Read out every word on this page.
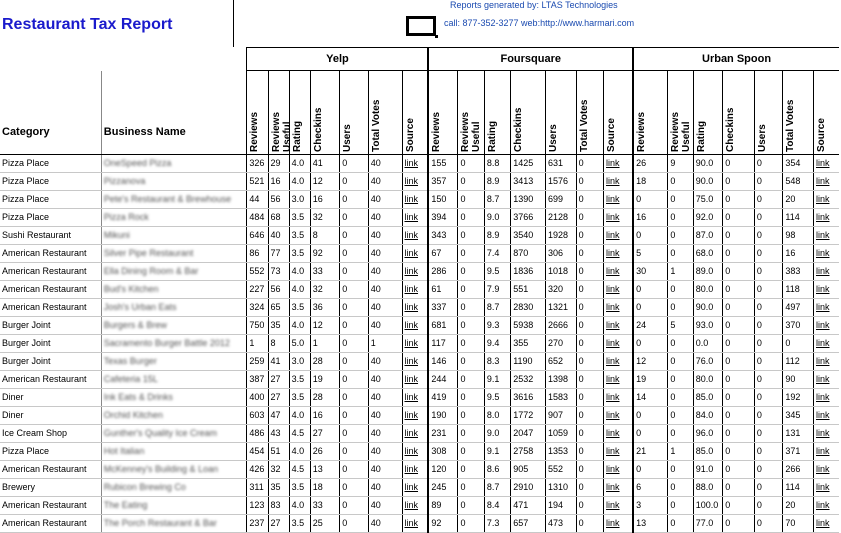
Restaurant Tax Report
Reports generated by: LTAS Technologies
call: 877-352-3277 web:http://www.harmari.com
		Yelp							Foursquare							Urban Spoon						
Category	Business Name	Reviews	Reviews Useful	Rating	Checkins	Users	Total Votes	Source	Reviews	Reviews Useful	Rating	Checkins	Users	Total Votes	Source	Reviews	Reviews Useful	Rating	Checkins	Users	Total Votes	Source
Pizza Place	OneSpeed Pizza	326	29	4.0	41	0	40	link	155	0	8.8	1425	631	0	link	26	9	90.0	0	0	354	link
Pizza Place	Pizzanova	521	16	4.0	12	0	40	link	357	0	8.9	3413	1576	0	link	18	0	90.0	0	0	548	link
Pizza Place	Pete's Restaurant & Brewhouse	44	56	3.0	16	0	40	link	150	0	8.7	1390	699	0	link	0	0	75.0	0	0	20	link
Pizza Place	Pizza Rock	484	68	3.5	32	0	40	link	394	0	9.0	3766	2128	0	link	16	0	92.0	0	0	114	link
Sushi Restaurant	Mikuni	646	40	3.5	8	0	40	link	343	0	8.9	3540	1928	0	link	0	0	87.0	0	0	98	link
American Restaurant	Silver Pipe Restaurant	86	77	3.5	92	0	40	link	67	0	7.4	870	306	0	link	5	0	68.0	0	0	16	link
American Restaurant	Ella Dining Room & Bar	552	73	4.0	33	0	40	link	286	0	9.5	1836	1018	0	link	30	1	89.0	0	0	383	link
American Restaurant	Bud's Kitchen	227	56	4.0	32	0	40	link	61	0	7.9	551	320	0	link	0	0	80.0	0	0	118	link
American Restaurant	Josh's Urban Eats	324	65	3.5	36	0	40	link	337	0	8.7	2830	1321	0	link	0	0	90.0	0	0	497	link
Burger Joint	Burgers & Brew	750	35	4.0	12	0	40	link	681	0	9.3	5938	2666	0	link	24	5	93.0	0	0	370	link
Burger Joint	Sacramento Burger Battle 2012	1	8	5.0	1	0	1	link	117	0	9.4	355	270	0	link	0	0	0.0	0	0	0	link
Burger Joint	Texas Burger	259	41	3.0	28	0	40	link	146	0	8.3	1190	652	0	link	12	0	76.0	0	0	112	link
American Restaurant	Cafeteria 15L	387	27	3.5	19	0	40	link	244	0	9.1	2532	1398	0	link	19	0	80.0	0	0	90	link
Diner	Ink Eats & Drinks	400	27	3.5	28	0	40	link	419	0	9.5	3616	1583	0	link	14	0	85.0	0	0	192	link
Diner	Orchid Kitchen	603	47	4.0	16	0	40	link	190	0	8.0	1772	907	0	link	0	0	84.0	0	0	345	link
Ice Cream Shop	Gunther's Quality Ice Cream	486	43	4.5	27	0	40	link	231	0	9.0	2047	1059	0	link	0	0	96.0	0	0	131	link
Pizza Place	Hot Italian	454	51	4.0	26	0	40	link	308	0	9.1	2758	1353	0	link	21	1	85.0	0	0	371	link
American Restaurant	McKenney's Building & Loan	426	32	4.5	13	0	40	link	120	0	8.6	905	552	0	link	0	0	91.0	0	0	266	link
Brewery	Rubicon Brewing Co	311	35	3.5	18	0	40	link	245	0	8.7	2910	1310	0	link	6	0	88.0	0	0	114	link
American Restaurant	The Eating	123	83	4.0	33	0	40	link	89	0	8.4	471	194	0	link	3	0	100.0	0	0	20	link
American Restaurant	The Porch Restaurant & Bar	237	27	3.5	25	0	40	link	92	0	7.3	657	473	0	link	13	0	77.0	0	0	70	link
